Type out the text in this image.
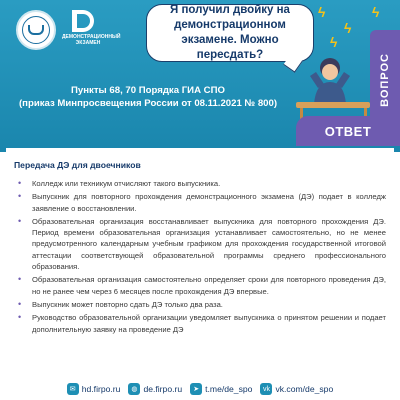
ДЕМОНСТРАЦИОННЫЙ ЭКЗАМЕН
Я получил двойку на демонстрационном экзамене. Можно пересдать?
ϟ
ϟ
ϟ
ϟ
ВОПРОС
Пункты 68, 70 Порядка ГИА СПО
(приказ Минпросвещения России от 08.11.2021 № 800)
ОТВЕТ
Передача ДЭ для двоечников
• Колледж или техникум отчисляют такого выпускника.
• Выпускник для повторного прохождения демонстрационного экзамена (ДЭ) подает в колледж заявление о восстановлении.
• Образовательная организация восстанавливает выпускника для повторного прохождения ДЭ. Период времени образовательная организация устанавливает самостоятельно, но не менее предусмотренного календарным учебным графиком для прохождения государственной итоговой аттестации соответствующей образовательной программы среднего профессионального образования.
• Образовательная организация самостоятельно определяет сроки для повторного проведения ДЭ, но не ранее чем через 6 месяцев после прохождения ДЭ впервые.
• Выпускник может повторно сдать ДЭ только два раза.
• Руководство образовательной организации уведомляет выпускника о принятом решении и подает дополнительную заявку на проведение ДЭ
✉ hd.firpo.ru	◍ de.firpo.ru	➤ t.me/de_spo	vk vk.com/de_spo
